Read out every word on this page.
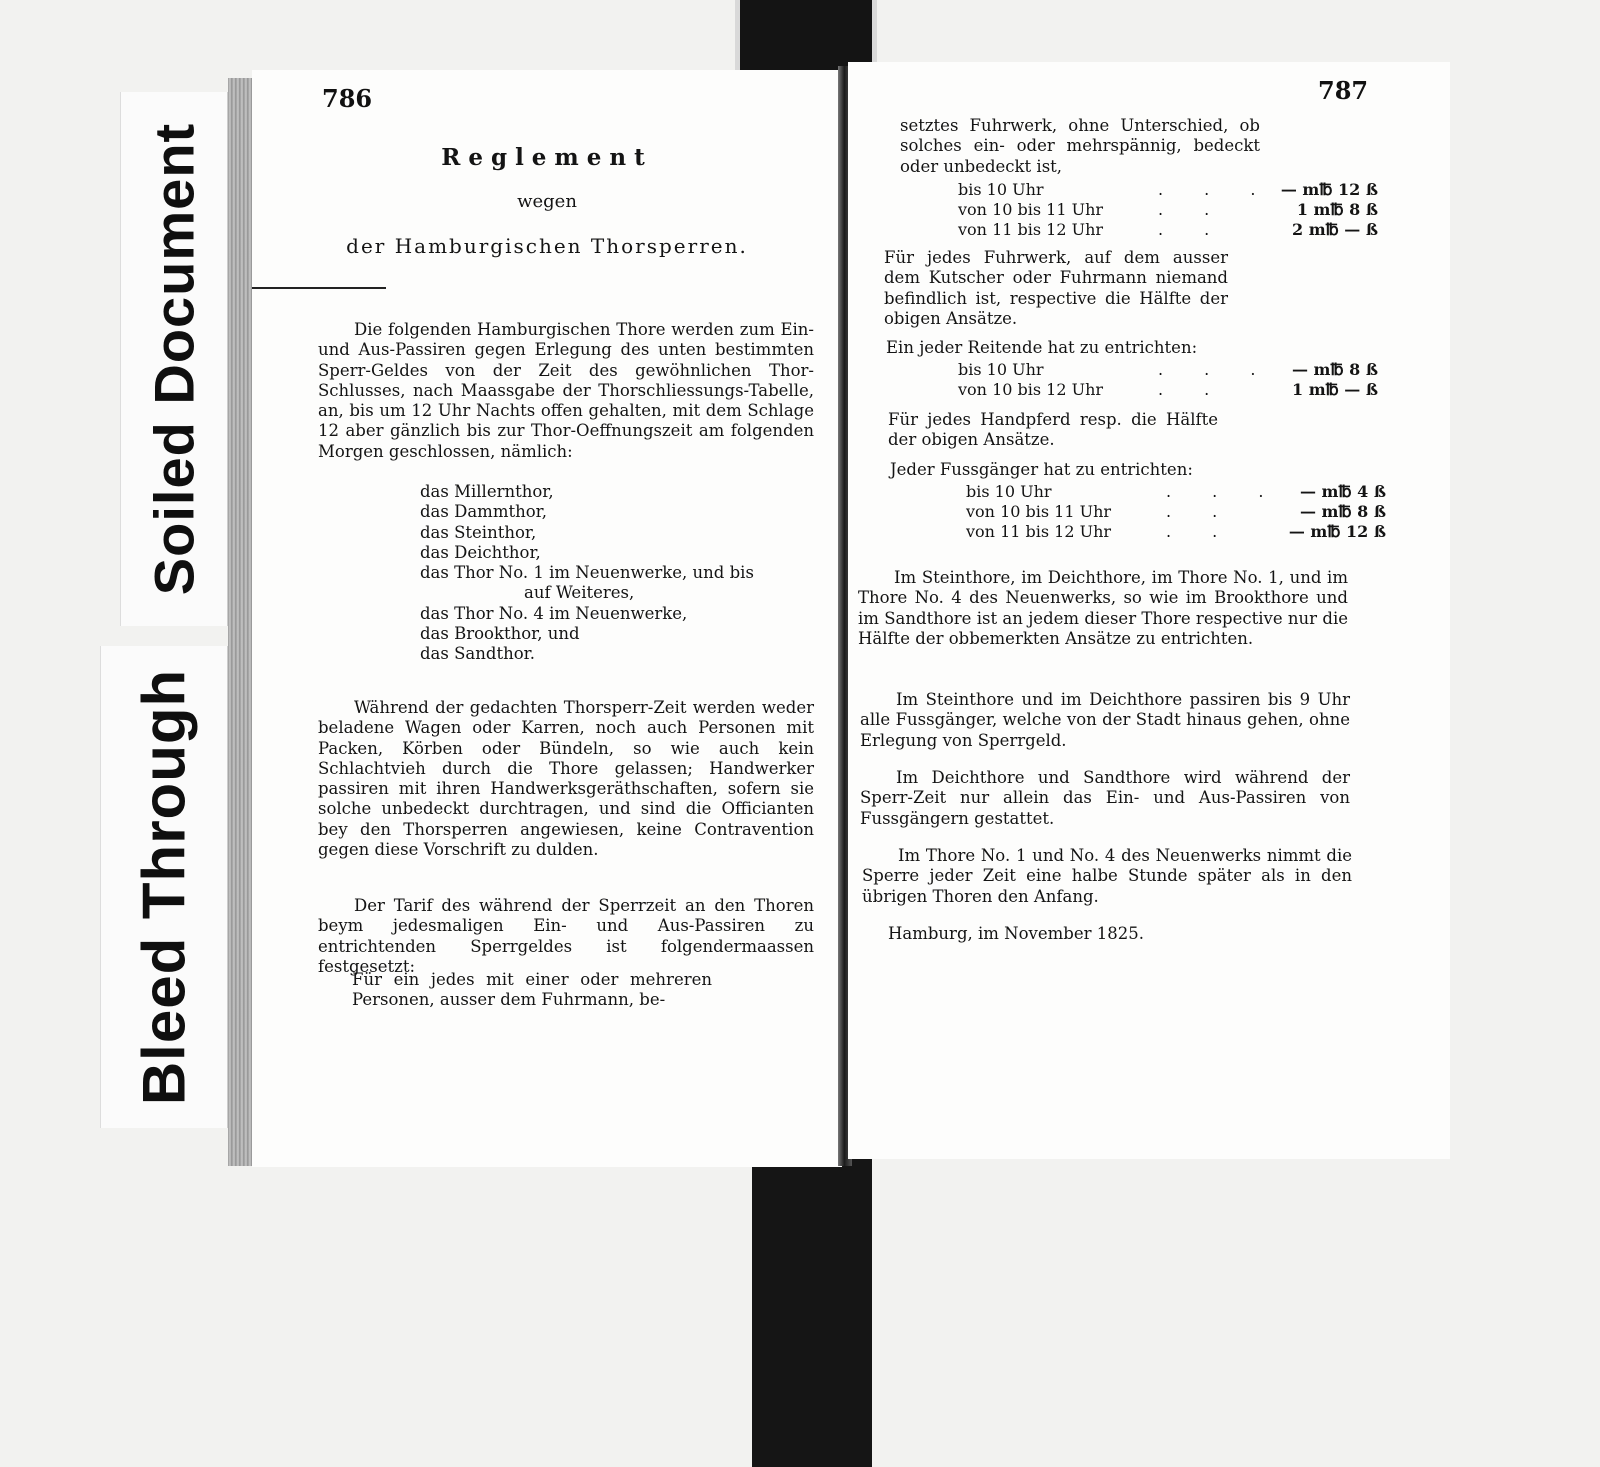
Bleed Through
Soiled Document
786
Reglement
wegen
der Hamburgischen Thorsperren.
Die folgenden Hamburgischen Thore werden zum Ein- und Aus-Passiren gegen Erlegung des unten bestimmten Sperr-Geldes von der Zeit des gewöhnlichen Thor-Schlusses, nach Maassgabe der Thorschliessungs-Tabelle, an, bis um 12 Uhr Nachts offen gehalten, mit dem Schlage 12 aber gänzlich bis zur Thor-Oeffnungszeit am folgenden Morgen geschlossen, nämlich:
das Millernthor,
das Dammthor,
das Steinthor,
das Deichthor,
das Thor No. 1 im Neuenwerke, und bis
auf Weiteres,
das Thor No. 4 im Neuenwerke,
das Brookthor, und
das Sandthor.
Während der gedachten Thorsperr-Zeit werden weder beladene Wagen oder Karren, noch auch Personen mit Packen, Körben oder Bündeln, so wie auch kein Schlachtvieh durch die Thore gelassen; Handwerker passiren mit ihren Handwerksgeräthschaften, sofern sie solche unbedeckt durchtragen, und sind die Officianten bey den Thorsperren angewiesen, keine Contravention gegen diese Vorschrift zu dulden.
Der Tarif des während der Sperrzeit an den Thoren beym jedesmaligen Ein- und Aus-Passiren zu entrichtenden Sperrgeldes ist folgendermaassen festgesetzt:
Für ein jedes mit einer oder mehreren Personen, ausser dem Fuhrmann, be-
787
setztes Fuhrwerk, ohne Unterschied, ob solches ein- oder mehrspännig, bedeckt oder unbedeckt ist,
bis 10 Uhr	. . . — m℔ 12 ß
von 10 bis 11 Uhr	. .	1 m℔ 8 ß
von 11 bis 12 Uhr	. .	2 m℔ — ß
Für jedes Fuhrwerk, auf dem ausser dem Kutscher oder Fuhrmann niemand befindlich ist, respective die Hälfte der obigen Ansätze.
Ein jeder Reitende hat zu entrichten:
bis 10 Uhr	. . . — m℔ 8 ß
von 10 bis 12 Uhr	. .	1 m℔ — ß
Für jedes Handpferd resp. die Hälfte der obigen Ansätze.
Jeder Fussgänger hat zu entrichten:
bis 10 Uhr	. . . — m℔ 4 ß
von 10 bis 11 Uhr	. .	— m℔ 8 ß
von 11 bis 12 Uhr	. .	— m℔ 12 ß
Im Steinthore, im Deichthore, im Thore No. 1, und im Thore No. 4 des Neuenwerks, so wie im Brookthore und im Sandthore ist an jedem dieser Thore respective nur die Hälfte der obbemerkten Ansätze zu entrichten.
Im Steinthore und im Deichthore passiren bis 9 Uhr alle Fussgänger, welche von der Stadt hinaus gehen, ohne Erlegung von Sperrgeld.
Im Deichthore und Sandthore wird während der Sperr-Zeit nur allein das Ein- und Aus-Passiren von Fussgängern gestattet.
Im Thore No. 1 und No. 4 des Neuenwerks nimmt die Sperre jeder Zeit eine halbe Stunde später als in den übrigen Thoren den Anfang.
Hamburg, im November 1825.
